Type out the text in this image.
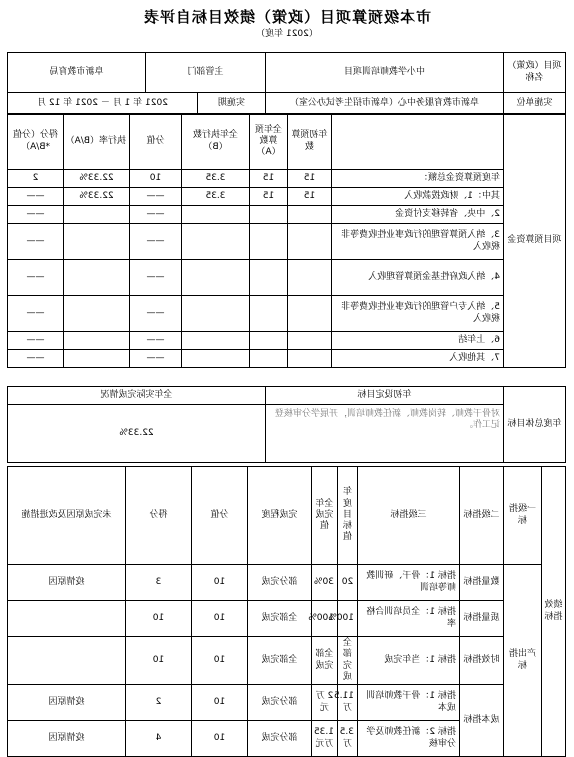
市本级预算项目（政策）绩效目标自评表
（2021 年度）
项目（政策）名称	中小学教师培训项目	主管部门		阜新市教育局
实施单位	阜新市教育服务中心（阜新市招生考试办公室）	实施期	2021 年 1 月 － 2021 年 12 月	
项目预算资金		年初预算数	全年预算数（A）	全年执行数（B）	分值	执行率（B/A）	得分（分值*B/A）
	年度预算资金总额：	15	15	3.35	10	22.33%	2
	其中：1、财政拨款收入	15	15	3.35	——	22.33%	——
	2、中央、省转移支付资金				——		——
	3、纳入预算管理的行政事业性收费等非税收入				——		——
	4、纳入政府性基金预算管理收入				——		——
	5、纳入专户管理的行政事业性收费等非税收入				——		——
	6、上年结				——		——
	7、其他收入				——		——
年度总体目标	年初设定目标	全年实际完成情况
	对骨干教师、转岗教师、新任教师培训，开展学分审核登记工作。	22.33%
绩效指标	一级指标	二级指标	三级指标	年度目标值	全年完成值	完成程度	分值	得分	未完成原因及改进措施
	产出指标	数量指标	指标 1：骨干、研训教师等培训	20	30%	部分完成	10	3	疫情原因
		质量指标	指标 1：全员培训合格率	100%	100%	全部完成	10	10	
		时效指标	指标 1：当年完成	全部完成	全部完成	全部完成	10	10	
		成本指标	指标 1：骨干教师培训成本	11.5 万	2 万元	部分完成	10	2	疫情原因
			指标 2：新任教师及学分审核	3.5 万	1.35 万元	部分完成	10	4	疫情原因
